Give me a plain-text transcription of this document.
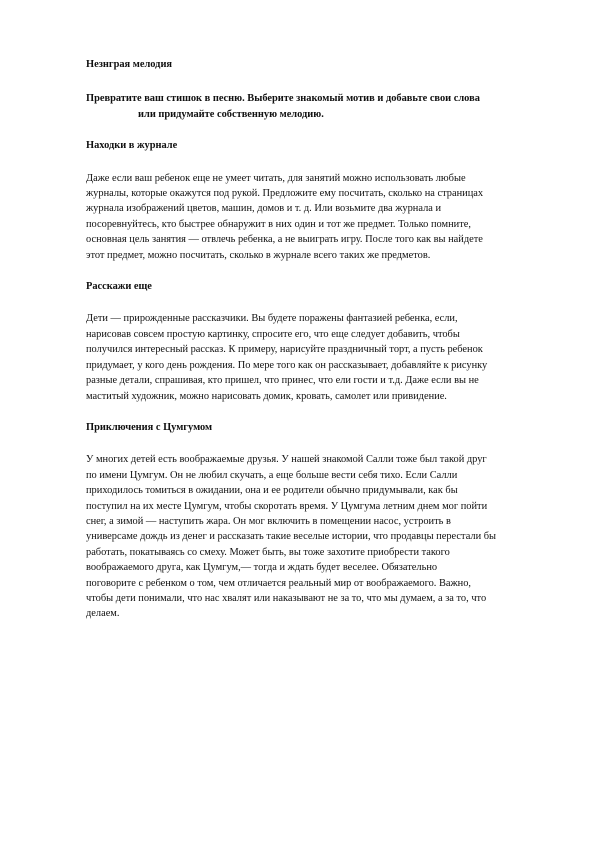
Незнграя мелодия
Превратите ваш стишок в песню. Выберите знакомый мотив и добавьте свои слова
или придумайте собственную мелодию.
Находки в журнале
Даже если ваш ребенок еще не умеет читать, для занятий можно использовать любые
журналы, которые окажутся под рукой. Предложите ему посчитать, сколько на страницах
журнала изображений цветов, машин, домов и т. д. Или возьмите два журнала и
посоревнуйтесь, кто быстрее обнаружит в них один и тот же предмет. Только помните,
основная цель занятия — отвлечь ребенка, а не выиграть игру. После того как вы найдете
этот предмет, можно посчитать, сколько в журнале всего таких же предметов.
Расскажи еще
Дети — прирожденные рассказчики. Вы будете поражены фантазией ребенка, если,
нарисовав совсем простую картинку, спросите его, что еще следует добавить, чтобы
получился интересный рассказ. К примеру, нарисуйте праздничный торт, а пусть ребенок
придумает, у кого день рождения. По мере того как он рассказывает, добавляйте к рисунку
разные детали, спрашивая, кто пришел, что принес, что ели гости и т.д. Даже если вы не
маститый художник, можно нарисовать домик, кровать, самолет или привидение.
Приключения с Цумгумом
У многих детей есть воображаемые друзья. У нашей знакомой Салли тоже был такой друг
по имени Цумгум. Он не любил скучать, а еще больше вести себя тихо. Если Салли
приходилось томиться в ожидании, она и ее родители обычно придумывали, как бы
поступил на их месте Цумгум, чтобы скоротать время. У Цумгума летним днем мог пойти
снег, а зимой — наступить жара. Он мог включить в помещении насос, устроить в
универсаме дождь из денег и рассказать такие веселые истории, что продавцы перестали бы
работать, покатываясь со смеху. Может быть, вы тоже захотите приобрести такого
воображаемого друга, как Цумгум,— тогда и ждать будет веселее. Обязательно
поговорите с ребенком о том, чем отличается реальный мир от воображаемого. Важно,
чтобы дети понимали, что нас хвалят или наказывают не за то, что мы думаем, а за то, что
делаем.
